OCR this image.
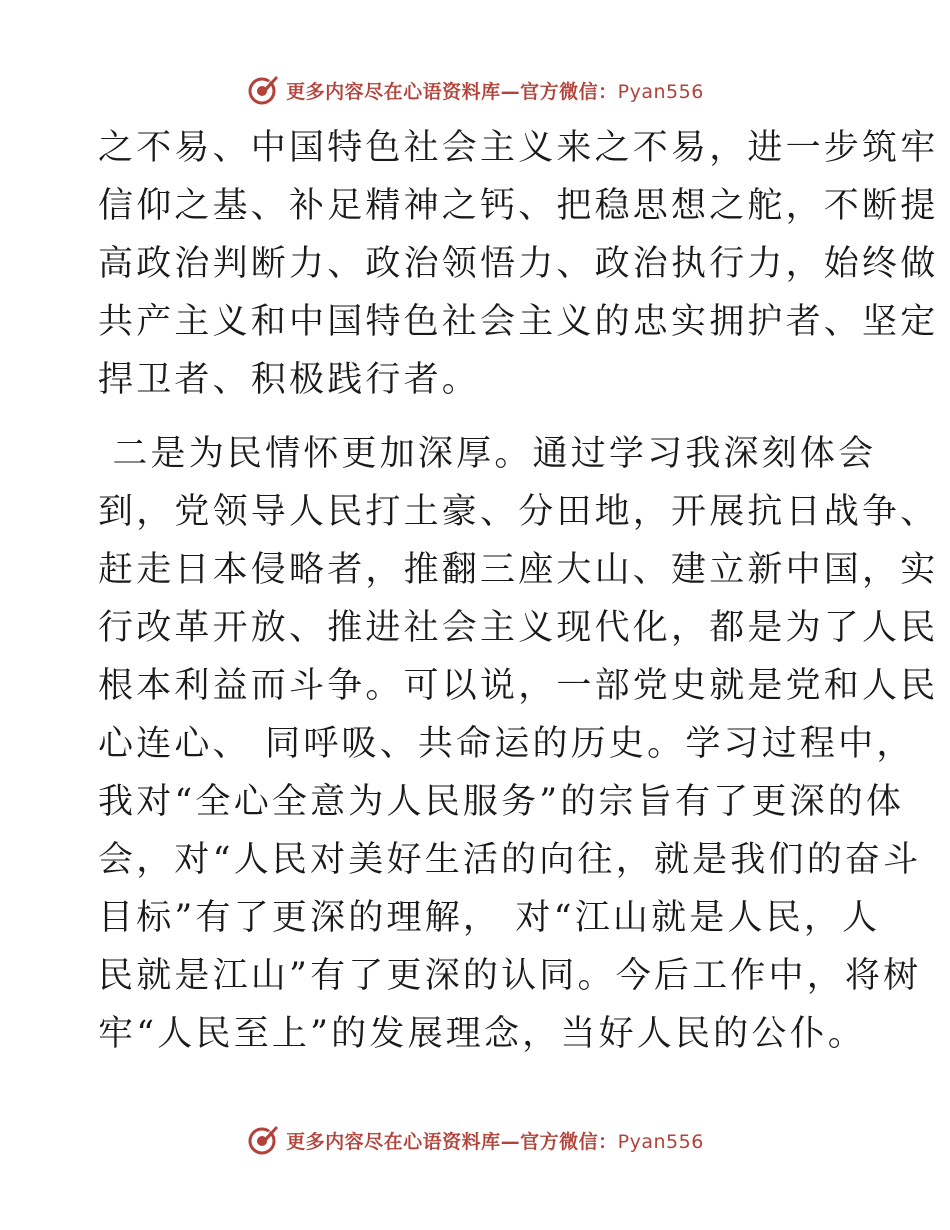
更多内容尽在心语资料库—官方微信：Pyan556
之不易、中国特色社会主义来之不易，进一步筑牢
信仰之基、补足精神之钙、把稳思想之舵，不断提
高政治判断力、政治领悟力、政治执行力，始终做
共产主义和中国特色社会主义的忠实拥护者、坚定
捍卫者、积极践行者。
二是为民情怀更加深厚。通过学习我深刻体会
到，党领导人民打土豪、分田地，开展抗日战争、
赶走日本侵略者，推翻三座大山、建立新中国，实
行改革开放、推进社会主义现代化，都是为了人民
根本利益而斗争。可以说，一部党史就是党和人民
心连心、 同呼吸、共命运的历史。学习过程中，
我对“全心全意为人民服务”的宗旨有了更深的体
会，对“人民对美好生活的向往，就是我们的奋斗
目标”有了更深的理解， 对“江山就是人民，人
民就是江山”有了更深的认同。今后工作中，将树
牢“人民至上”的发展理念，当好人民的公仆。
更多内容尽在心语资料库—官方微信：Pyan556
